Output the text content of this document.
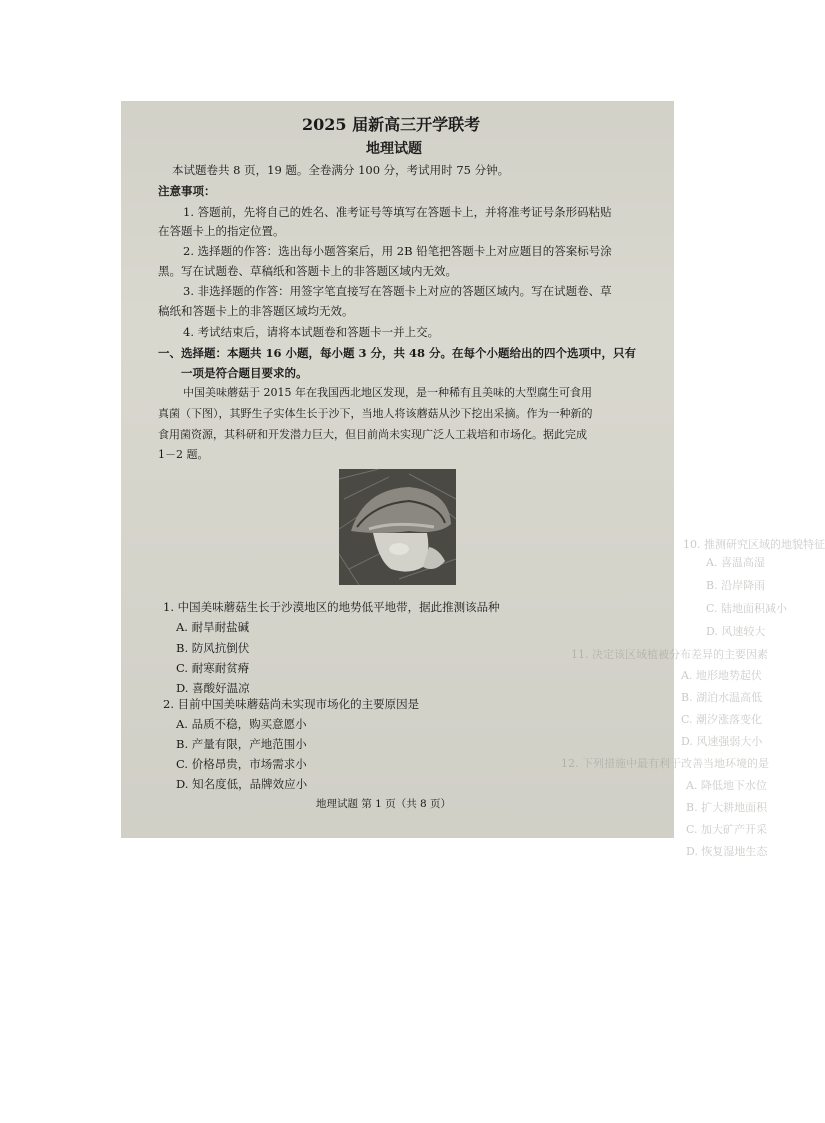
10. 推测研究区域的地貌特征
A. 喜温高湿
B. 沿岸降雨
C. 陆地面积减小
D. 风速较大
11. 决定该区域植被分布差异的主要因素
A. 地形地势起伏
B. 湖泊水温高低
C. 潮汐涨落变化
D. 风速强弱大小
12. 下列措施中最有利于改善当地环境的是
A. 降低地下水位
B. 扩大耕地面积
C. 加大矿产开采
D. 恢复湿地生态
2025 届新高三开学联考
地理试题
本试题卷共 8 页，19 题。全卷满分 100 分，考试用时 75 分钟。
注意事项：
1. 答题前，先将自己的姓名、准考证号等填写在答题卡上，并将准考证号条形码粘贴
在答题卡上的指定位置。
2. 选择题的作答：选出每小题答案后，用 2B 铅笔把答题卡上对应题目的答案标号涂
黑。写在试题卷、草稿纸和答题卡上的非答题区域内无效。
3. 非选择题的作答：用签字笔直接写在答题卡上对应的答题区域内。写在试题卷、草
稿纸和答题卡上的非答题区域均无效。
4. 考试结束后，请将本试题卷和答题卡一并上交。
一、选择题：本题共 16 小题，每小题 3 分，共 48 分。在每个小题给出的四个选项中，只有
一项是符合题目要求的。
中国美味蘑菇于 2015 年在我国西北地区发现，是一种稀有且美味的大型腐生可食用
真菌（下图），其野生子实体生长于沙下，当地人将该蘑菇从沙下挖出采摘。作为一种新的
食用菌资源，其科研和开发潜力巨大，但目前尚未实现广泛人工栽培和市场化。据此完成
1－2 题。
1. 中国美味蘑菇生长于沙漠地区的地势低平地带，据此推测该品种
A. 耐旱耐盐碱
B. 防风抗倒伏
C. 耐寒耐贫瘠
D. 喜酸好温凉
2. 目前中国美味蘑菇尚未实现市场化的主要原因是
A. 品质不稳，购买意愿小
B. 产量有限，产地范围小
C. 价格昂贵，市场需求小
D. 知名度低，品牌效应小
地理试题 第 1 页（共 8 页）
